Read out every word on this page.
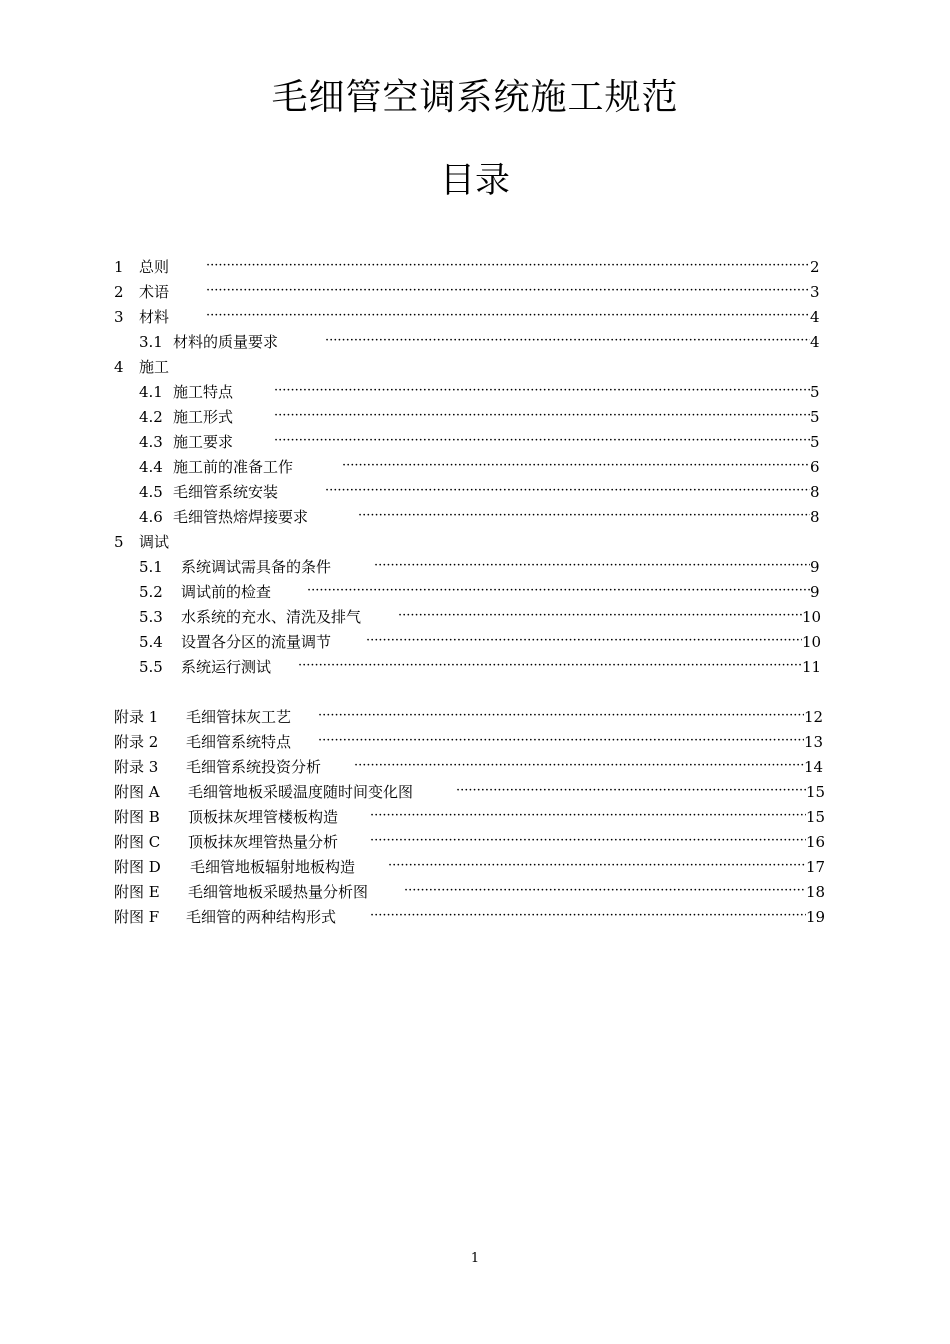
毛细管空调系统施工规范
目录
1 总则 ·····	2
2 术语 ·····	3
3 材料 ·····	4
3.1 材料的质量要求 ·····	4
4 施工
4.1 施工特点 ·····	5
4.2 施工形式 ·····	5
4.3 施工要求 ·····	5
4.4 施工前的准备工作 ·····	6
4.5 毛细管系统安装 ·····	8
4.6 毛细管热熔焊接要求 ·····	8
5 调试
5.1 系统调试需具备的条件 ·····	9
5.2 调试前的检查 ·····	9
5.3 水系统的充水、清洗及排气 ·····	10
5.4 设置各分区的流量调节 ·····	10
5.5 系统运行测试 ·····	11
附录 1 毛细管抹灰工艺 ·····	12
附录 2 毛细管系统特点 ·····	13
附录 3 毛细管系统投资分析 ·····	14
附图 A 毛细管地板采暖温度随时间变化图 ·····	15
附图 B 顶板抹灰埋管楼板构造 ·····	15
附图 C 顶板抹灰埋管热量分析 ·····	16
附图 D 毛细管地板辐射地板构造 ·····	17
附图 E 毛细管地板采暖热量分析图 ·····	18
附图 F 毛细管的两种结构形式 ·····	19
1
